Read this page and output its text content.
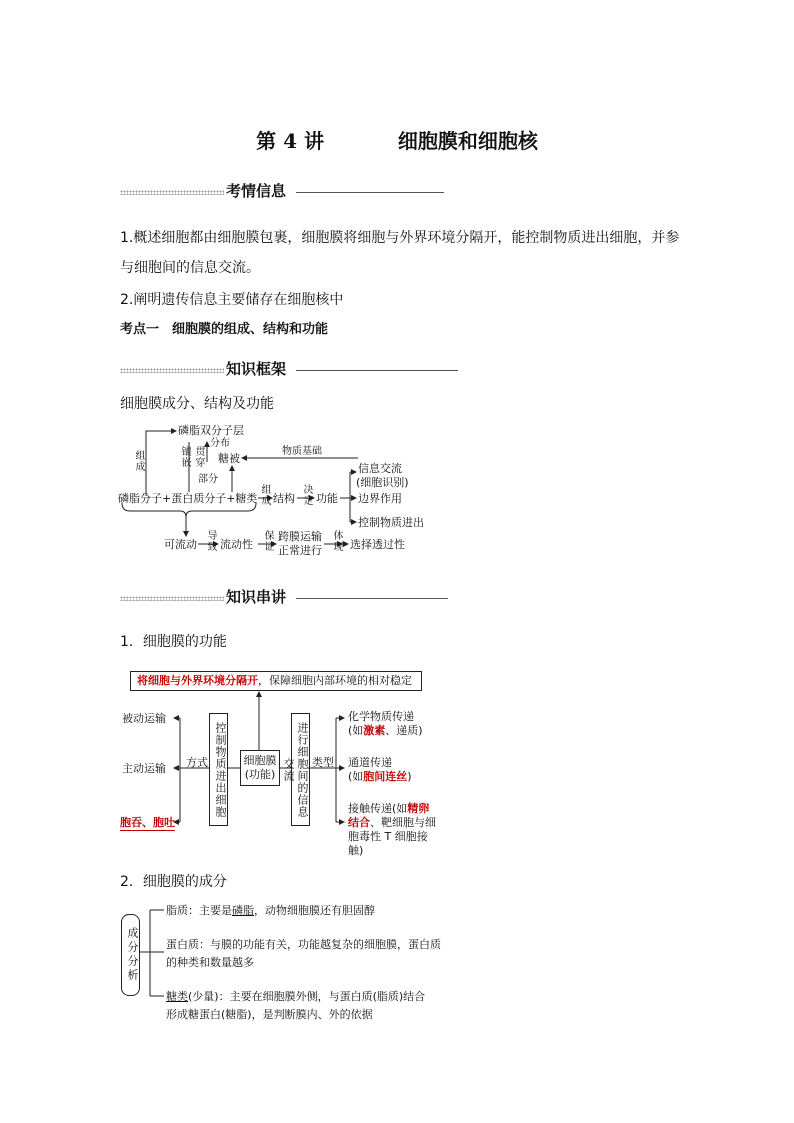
第 4 讲	细胞膜和细胞核
考情信息
1.概述细胞都由细胞膜包裹，细胞膜将细胞与外界环境分隔开，能控制物质进出细胞，并参
与细胞间的信息交流。
2.阐明遗传信息主要储存在细胞核中
考点一　细胞膜的组成、结构和功能
知识框架
细胞膜成分、结构及功能
磷脂双分子层
分布
糖被
物质基础
组成	镶嵌 贯穿
部分
磷脂分子+蛋白质分子+糖类 组成 结构 决定 功能
信息交流
(细胞识别)
边界作用
控制物质进出
可流动 导致 流动性 保证 跨膜运输
正常进行 体现 选择透过性
知识串讲
1．细胞膜的功能
将细胞与外界环境分隔开，保障细胞内部环境的相对稳定
被动运输
主动运输
胞吞、胞吐
方式 控制物质进出细胞 细胞膜
(功能)	进行细胞间的信息交流	类型
化学物质传递
(如激素、递质)
通道传递
(如胞间连丝)
接触传递(如精卵
结合、靶细胞与细
胞毒性 T 细胞接
触)
2．细胞膜的成分
成分分析
脂质：主要是磷脂，动物细胞膜还有胆固醇
蛋白质：与膜的功能有关，功能越复杂的细胞膜，蛋白质
的种类和数量越多
糖类(少量)：主要在细胞膜外侧，与蛋白质(脂质)结合
形成糖蛋白(糖脂)，是判断膜内、外的依据
